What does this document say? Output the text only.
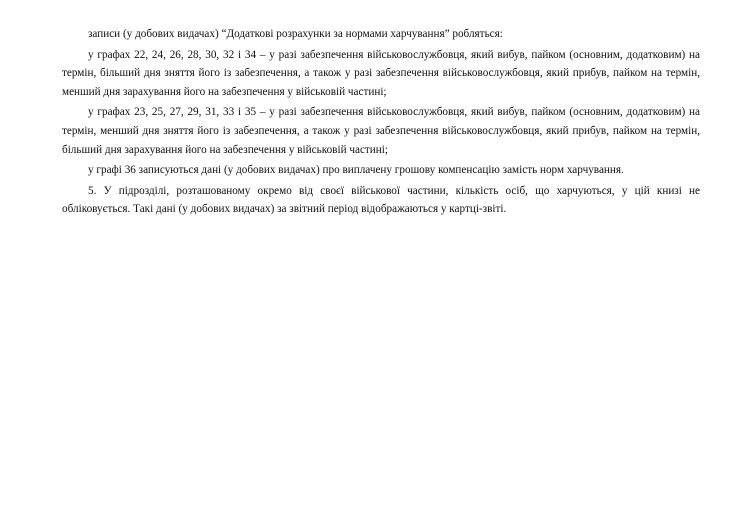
записи (у добових видачах) “Додаткові розрахунки за нормами харчування” робляться:

у графах 22, 24, 26, 28, 30, 32 і 34 – у разі забезпечення військовослужбовця, який вибув, пайком (основним, додатковим) на термін, більший дня зняття його із забезпечення, а також у разі забезпечення військовослужбовця, який прибув, пайком на термін, менший дня зарахування його на забезпечення у військовій частині;

у графах 23, 25, 27, 29, 31, 33 і 35 – у разі забезпечення військовослужбовця, який вибув, пайком (основним, додатковим) на термін, менший дня зняття його із забезпечення, а також у разі забезпечення військовослужбовця, який прибув, пайком на термін, більший дня зарахування його на забезпечення у військовій частині;

у графі 36 записуються дані (у добових видачах) про виплачену грошову компенсацію замість норм харчування.

5. У підрозділі, розташованому окремо від своєї військової частини, кількість осіб, що харчуються, у цій книзі не обліковується. Такі дані (у добових видачах) за звітний період відображаються у картці-звіті.
